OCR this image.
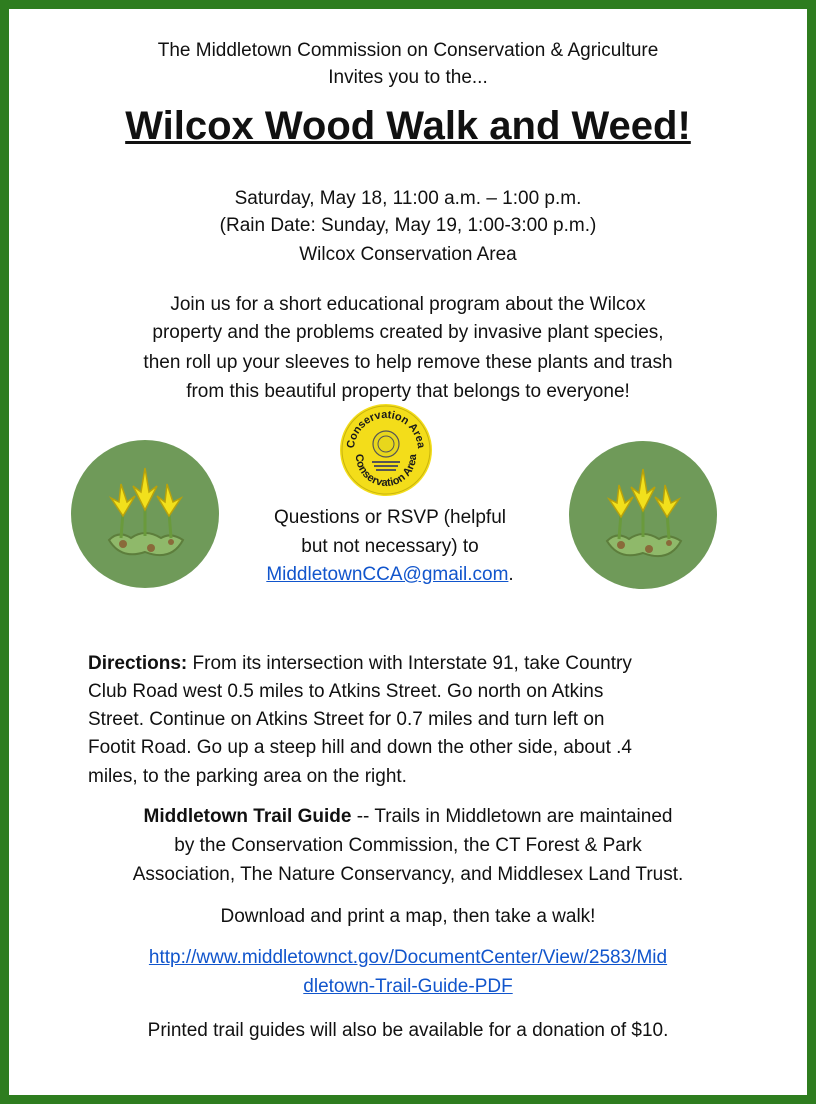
The Middletown Commission on Conservation & Agriculture
Invites you to the...
Wilcox Wood Walk and Weed!
Saturday, May 18, 11:00 a.m. – 1:00 p.m.
(Rain Date: Sunday, May 19, 1:00-3:00 p.m.)
Wilcox Conservation Area
Join us for a short educational program about the Wilcox
property and the problems created by invasive plant species,
then roll up your sleeves to help remove these plants and trash
from this beautiful property that belongs to everyone!
Conservation Area
Conservation Area
Questions or RSVP (helpful
but not necessary) to
MiddletownCCA@gmail.com.
Directions: From its intersection with Interstate 91, take Country
Club Road west 0.5 miles to Atkins Street. Go north on Atkins
Street. Continue on Atkins Street for 0.7 miles and turn left on
Footit Road. Go up a steep hill and down the other side, about .4
miles, to the parking area on the right.
Middletown Trail Guide -- Trails in Middletown are maintained
by the Conservation Commission, the CT Forest & Park
Association, The Nature Conservancy, and Middlesex Land Trust.
Download and print a map, then take a walk!
http://www.middletownct.gov/DocumentCenter/View/2583/Mid
dletown-Trail-Guide-PDF
Printed trail guides will also be available for a donation of $10.
